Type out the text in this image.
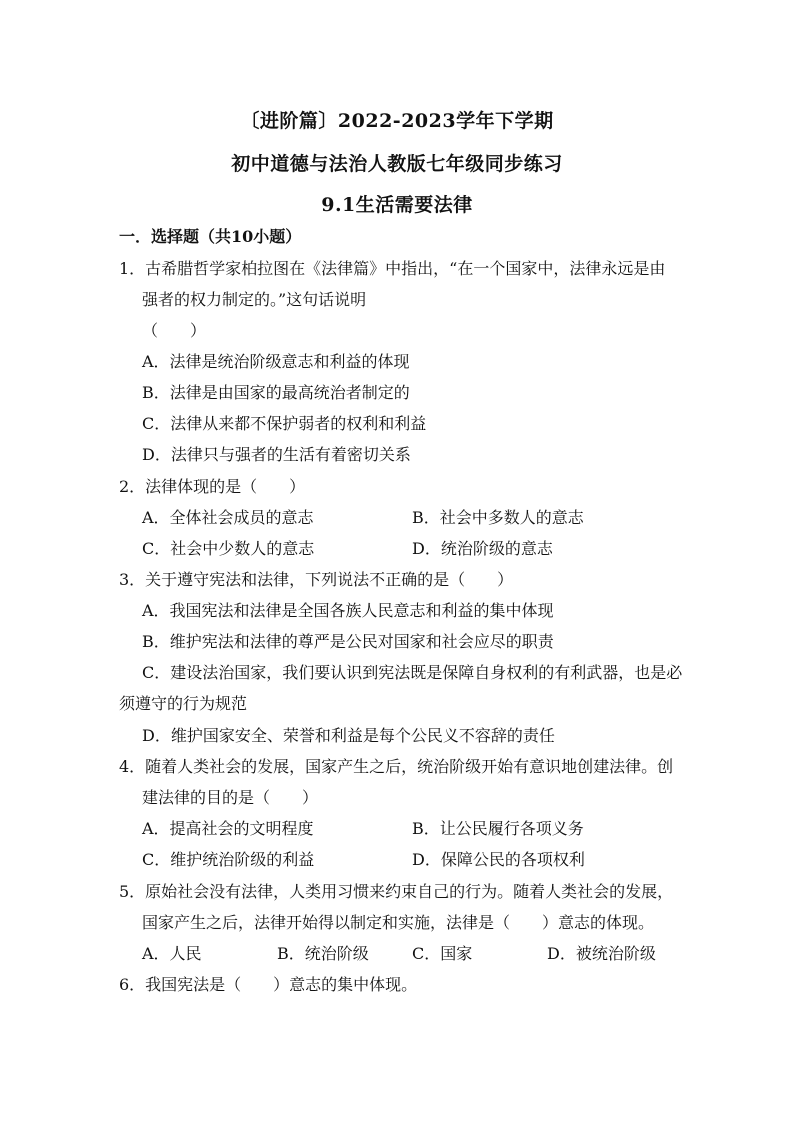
〔进阶篇〕2022-2023学年下学期
初中道德与法治人教版七年级同步练习
9.1生活需要法律
一．选择题（共10小题）
1．古希腊哲学家柏拉图在《法律篇》中指出，“在一个国家中，法律永远是由
强者的权力制定的。”这句话说明
（　　）
A．法律是统治阶级意志和利益的体现
B．法律是由国家的最高统治者制定的
C．法律从来都不保护弱者的权利和利益
D．法律只与强者的生活有着密切关系
2．法律体现的是（　　）
A．全体社会成员的意志	B．社会中多数人的意志
C．社会中少数人的意志	D．统治阶级的意志
3．关于遵守宪法和法律，下列说法不正确的是（　　）
A．我国宪法和法律是全国各族人民意志和利益的集中体现
B．维护宪法和法律的尊严是公民对国家和社会应尽的职责
C．建设法治国家，我们要认识到宪法既是保障自身权利的有利武器，也是必
须遵守的行为规范
D．维护国家安全、荣誉和利益是每个公民义不容辞的责任
4．随着人类社会的发展，国家产生之后，统治阶级开始有意识地创建法律。创
建法律的目的是（　　）
A．提高社会的文明程度	B．让公民履行各项义务
C．维护统治阶级的利益	D．保障公民的各项权利
5．原始社会没有法律，人类用习惯来约束自己的行为。随着人类社会的发展，
国家产生之后，法律开始得以制定和实施，法律是（　　）意志的体现。
A．人民	B．统治阶级	C．国家	D．被统治阶级
6．我国宪法是（　　）意志的集中体现。
